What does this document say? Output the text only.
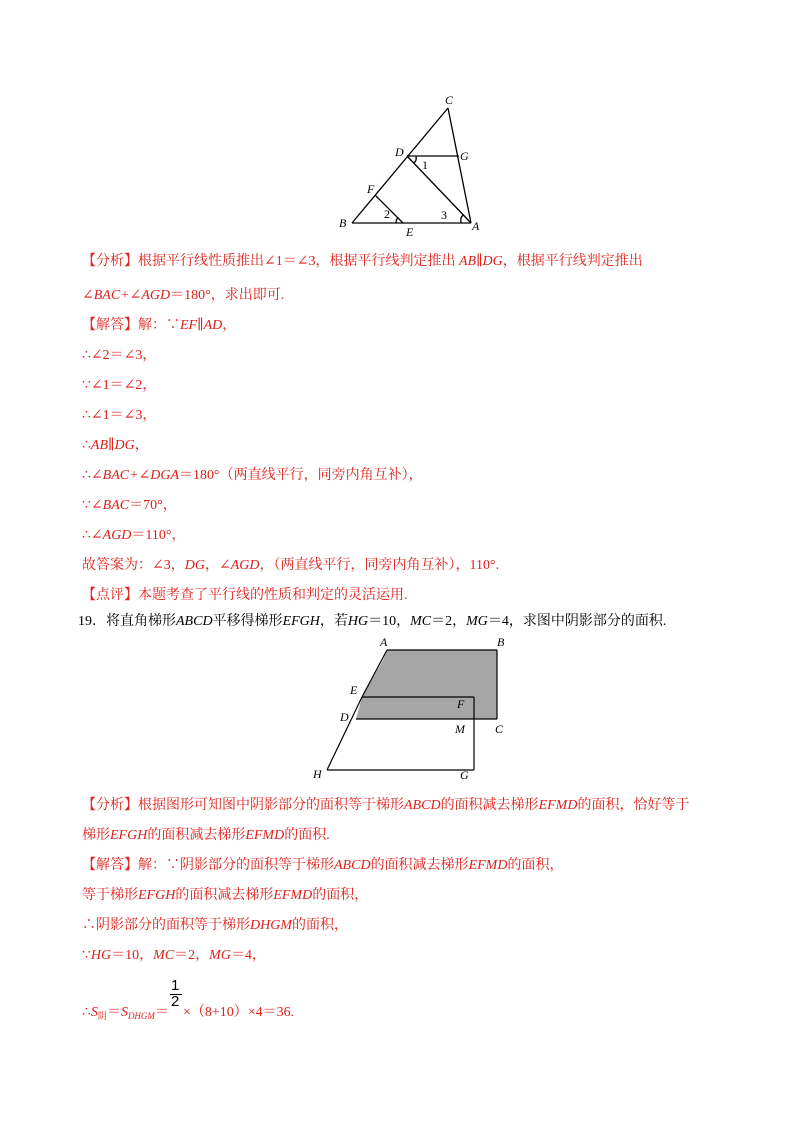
C
D	G
F
B	A
E
1
2	3
【分析】根据平行线性质推出∠1＝∠3，根据平行线判定推出 AB∥DG，根据平行线判定推出
∠BAC+∠AGD＝180°，求出即可.
【解答】解：∵EF∥AD，
∴∠2＝∠3，
∵∠1＝∠2，
∴∠1＝∠3，
∴AB∥DG，
∴∠BAC+∠DGA＝180°（两直线平行，同旁内角互补），
∵∠BAC＝70°，
∴∠AGD＝110°，
故答案为：∠3，DG，∠AGD，（两直线平行，同旁内角互补），110°.
【点评】本题考查了平行线的性质和判定的灵活运用.
19．将直角梯形ABCD平移得梯形EFGH，若HG＝10，MC＝2，MG＝4，求图中阴影部分的面积.
A	B
E
F
D
M	C
H	G
【分析】根据图形可知图中阴影部分的面积等于梯形ABCD的面积减去梯形EFMD的面积，恰好等于
梯形EFGH的面积减去梯形EFMD的面积.
【解答】解：∵阴影部分的面积等于梯形ABCD的面积减去梯形EFMD的面积，
等于梯形EFGH的面积减去梯形EFMD的面积，
∴阴影部分的面积等于梯形DHGM的面积，
∵HG＝10，MC＝2，MG＝4，
$\therefore S_阴=S_{DHGM}= \frac{1}{2} \times(8+10)\times 4=36$.
